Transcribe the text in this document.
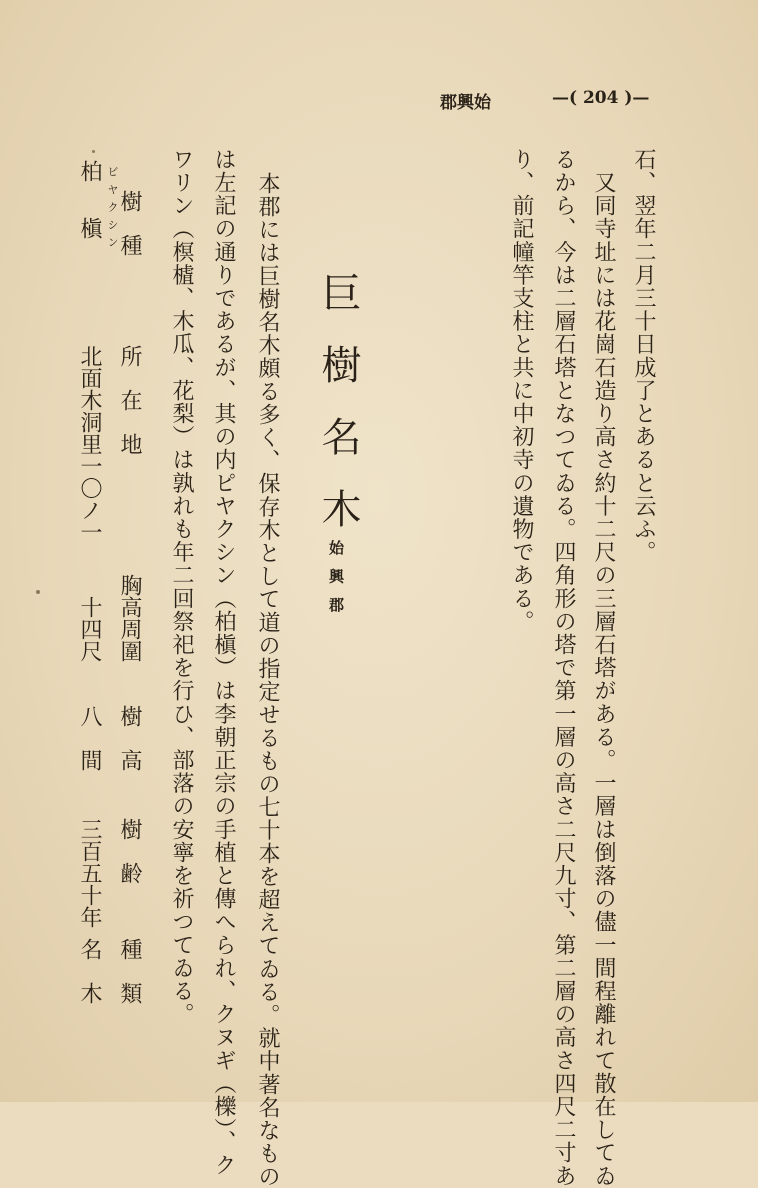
郡興始	—( 204 )—
石、翌年二月三十日成了とあると云ふ。
　又同寺址には花崗石造り高さ約十二尺の三層石塔がある。一層は倒落の儘一間程離れて散在してゐ
るから、今は二層石塔となつてゐる。四角形の塔で第一層の高さ二尺九寸、第二層の高さ四尺二寸あ
り、前記幢竿支柱と共に中初寺の遺物である。
巨樹名木
始興郡
本郡には巨樹名木頗る多く、保存木として道の指定せるもの七十本を超えてゐる。就中著名なもの
は左記の通りであるが、其の内ピヤクシン（柏槇）は李朝正宗の手植と傳へられ、クヌギ（櫟）、ク
ワリン（榠樝、木瓜、花梨）は孰れも年二回祭祀を行ひ、部落の安寧を祈つてゐる。
樹　種
所　在　地
胸高周圍
樹　高
樹　齢
種　類
柏槇 ビヤクシン
北面木洞里一〇ノ一
十四尺
八　間
三百五十年
名　木
